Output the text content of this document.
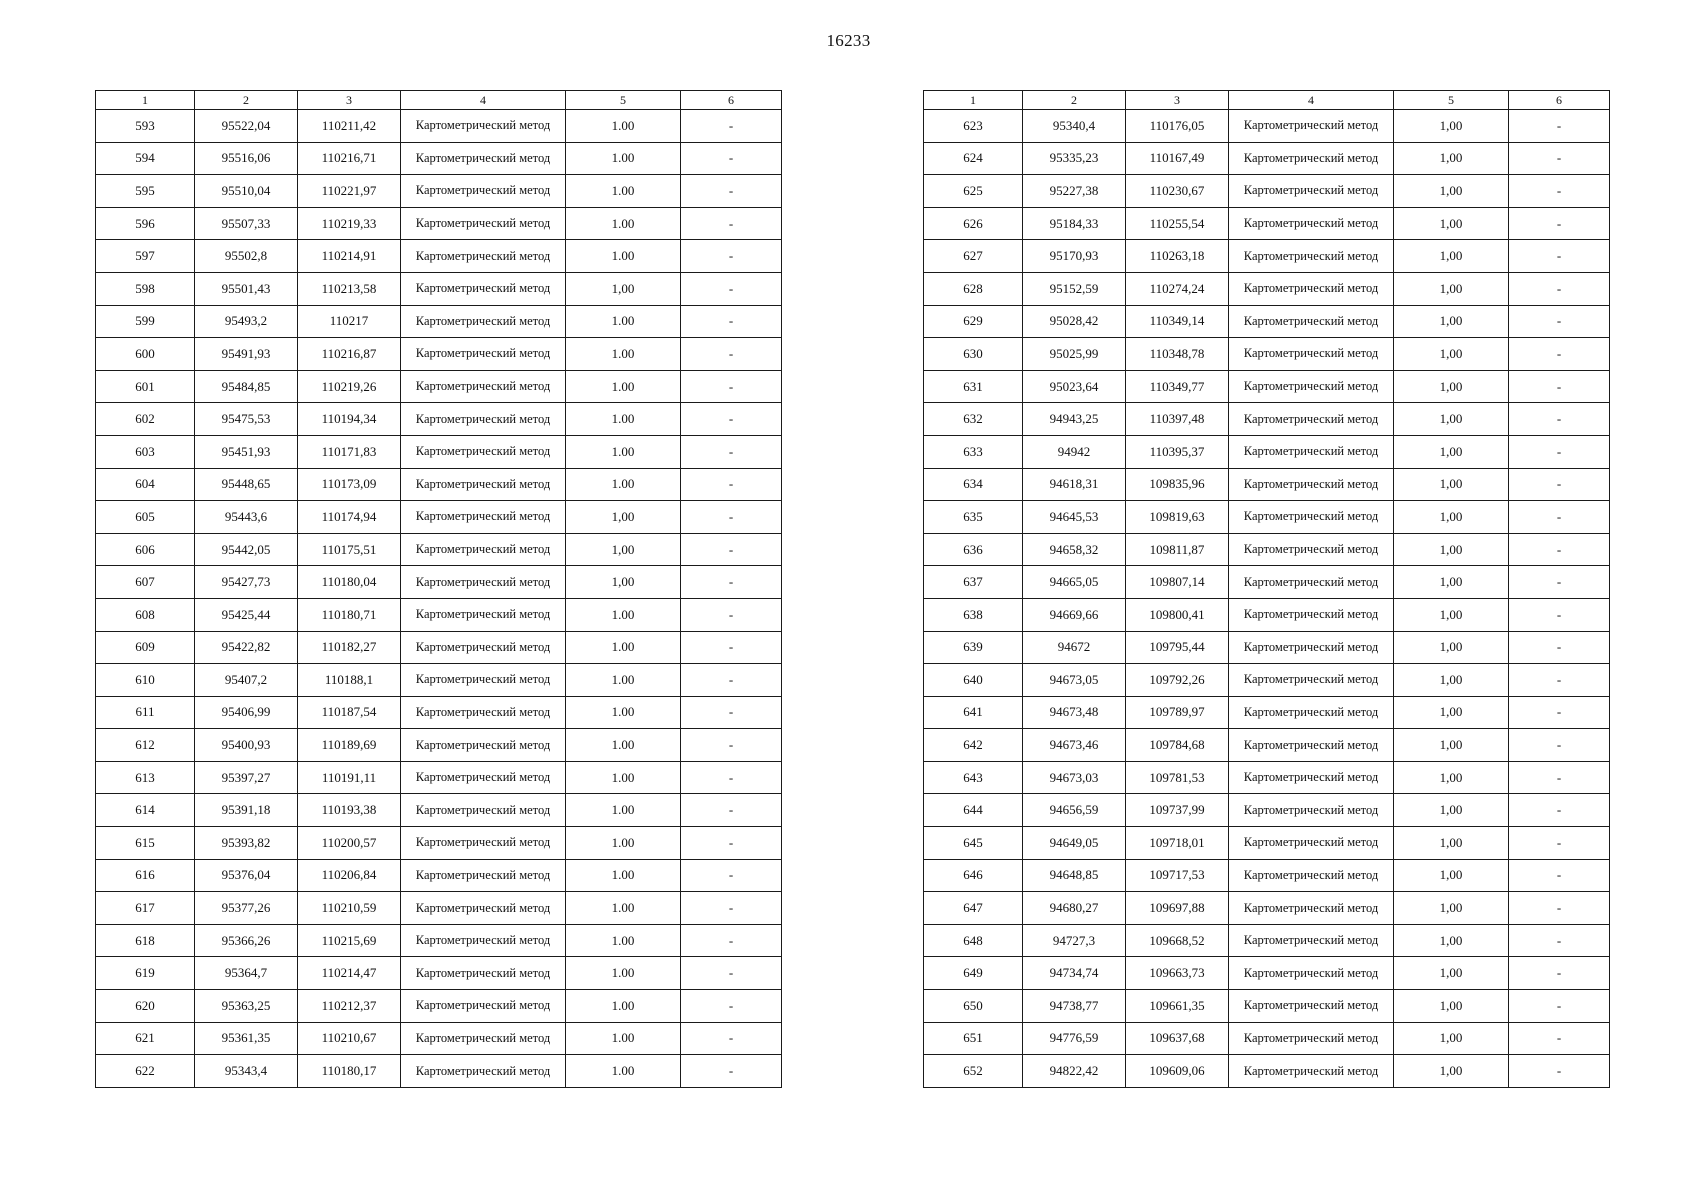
16233
1	2	3	4	5	6
593	95522,04	110211,42	Картометрический метод	1.00	-
594	95516,06	110216,71	Картометрический метод	1.00	-
595	95510,04	110221,97	Картометрический метод	1.00	-
596	95507,33	110219,33	Картометрический метод	1.00	-
597	95502,8	110214,91	Картометрический метод	1.00	-
598	95501,43	110213,58	Картометрический метод	1,00	-
599	95493,2	110217	Картометрический метод	1.00	-
600	95491,93	110216,87	Картометрический метод	1.00	-
601	95484,85	110219,26	Картометрический метод	1.00	-
602	95475,53	110194,34	Картометрический метод	1.00	-
603	95451,93	110171,83	Картометрический метод	1.00	-
604	95448,65	110173,09	Картометрический метод	1.00	-
605	95443,6	110174,94	Картометрический метод	1,00	-
606	95442,05	110175,51	Картометрический метод	1,00	-
607	95427,73	110180,04	Картометрический метод	1,00	-
608	95425,44	110180,71	Картометрический метод	1.00	-
609	95422,82	110182,27	Картометрический метод	1.00	-
610	95407,2	110188,1	Картометрический метод	1.00	-
611	95406,99	110187,54	Картометрический метод	1.00	-
612	95400,93	110189,69	Картометрический метод	1.00	-
613	95397,27	110191,11	Картометрический метод	1.00	-
614	95391,18	110193,38	Картометрический метод	1.00	-
615	95393,82	110200,57	Картометрический метод	1.00	-
616	95376,04	110206,84	Картометрический метод	1.00	-
617	95377,26	110210,59	Картометрический метод	1.00	-
618	95366,26	110215,69	Картометрический метод	1.00	-
619	95364,7	110214,47	Картометрический метод	1.00	-
620	95363,25	110212,37	Картометрический метод	1.00	-
621	95361,35	110210,67	Картометрический метод	1.00	-
622	95343,4	110180,17	Картометрический метод	1.00	-
1	2	3	4	5	6
623	95340,4	110176,05	Картометрический метод	1,00	-
624	95335,23	110167,49	Картометрический метод	1,00	-
625	95227,38	110230,67	Картометрический метод	1,00	-
626	95184,33	110255,54	Картометрический метод	1,00	-
627	95170,93	110263,18	Картометрический метод	1,00	-
628	95152,59	110274,24	Картометрический метод	1,00	-
629	95028,42	110349,14	Картометрический метод	1,00	-
630	95025,99	110348,78	Картометрический метод	1,00	-
631	95023,64	110349,77	Картометрический метод	1,00	-
632	94943,25	110397,48	Картометрический метод	1,00	-
633	94942	110395,37	Картометрический метод	1,00	-
634	94618,31	109835,96	Картометрический метод	1,00	-
635	94645,53	109819,63	Картометрический метод	1,00	-
636	94658,32	109811,87	Картометрический метод	1,00	-
637	94665,05	109807,14	Картометрический метод	1,00	-
638	94669,66	109800,41	Картометрический метод	1,00	-
639	94672	109795,44	Картометрический метод	1,00	-
640	94673,05	109792,26	Картометрический метод	1,00	-
641	94673,48	109789,97	Картометрический метод	1,00	-
642	94673,46	109784,68	Картометрический метод	1,00	-
643	94673,03	109781,53	Картометрический метод	1,00	-
644	94656,59	109737,99	Картометрический метод	1,00	-
645	94649,05	109718,01	Картометрический метод	1,00	-
646	94648,85	109717,53	Картометрический метод	1,00	-
647	94680,27	109697,88	Картометрический метод	1,00	-
648	94727,3	109668,52	Картометрический метод	1,00	-
649	94734,74	109663,73	Картометрический метод	1,00	-
650	94738,77	109661,35	Картометрический метод	1,00	-
651	94776,59	109637,68	Картометрический метод	1,00	-
652	94822,42	109609,06	Картометрический метод	1,00	-
